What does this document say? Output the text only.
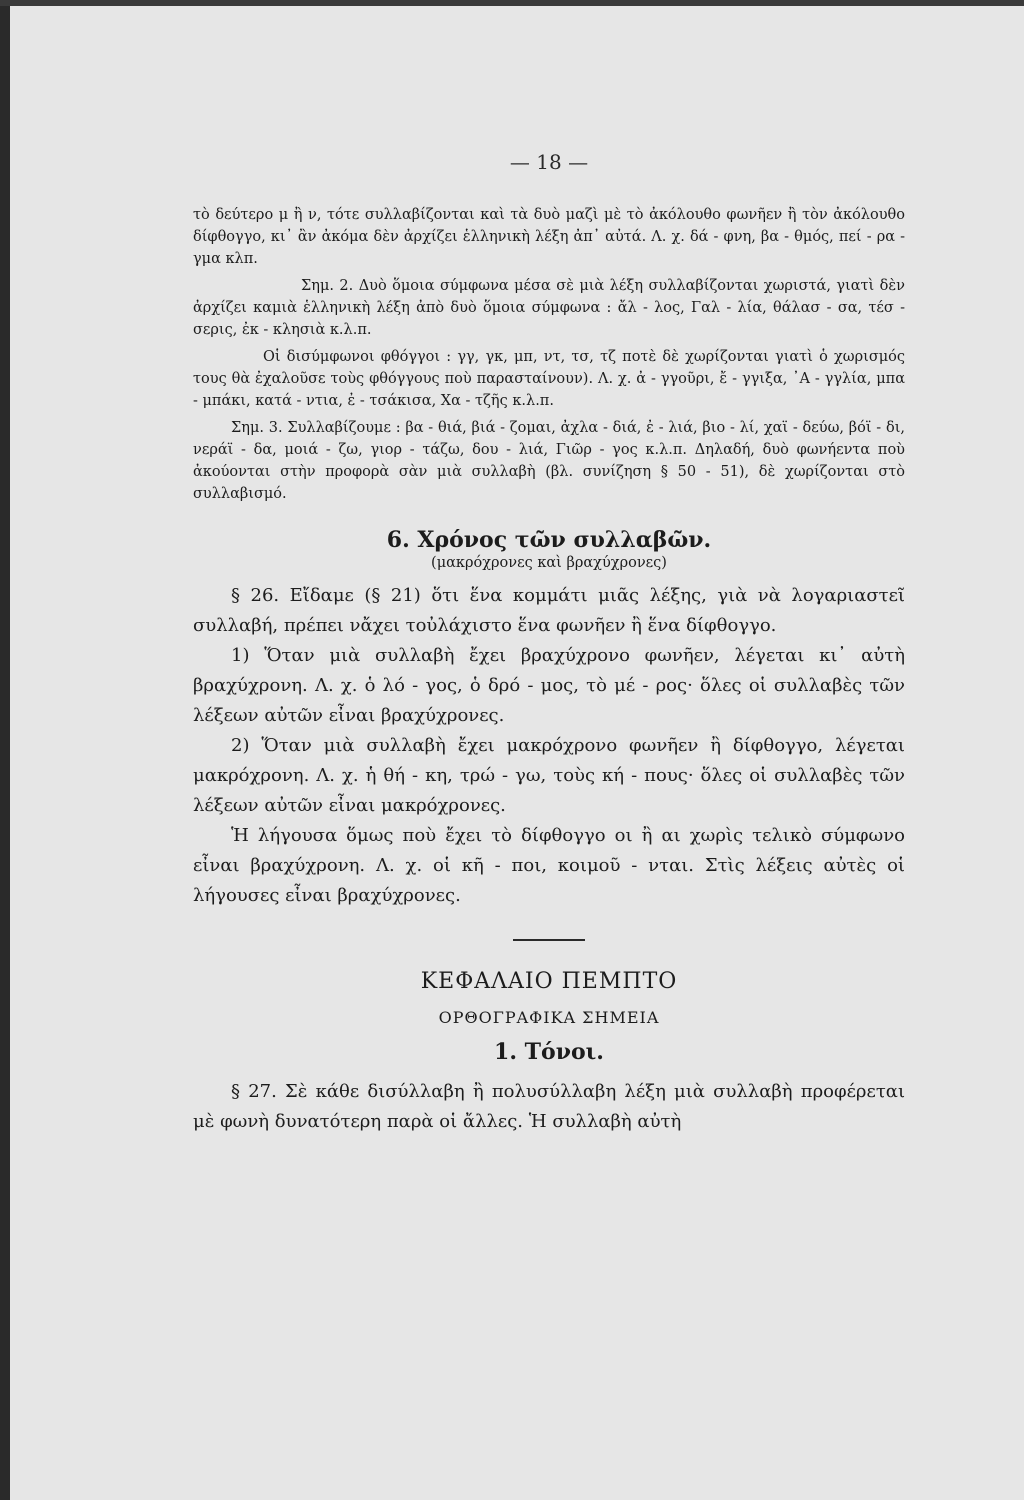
— 18 —

τὸ δεύτερο μ ἢ ν, τότε συλλαβίζονται καὶ τὰ δυὸ μαζὶ μὲ τὸ ἀκόλουθο φωνῆεν ἢ τὸν ἀκόλουθο δίφθογγο, κι᾿ ἂν ἀκόμα δὲν ἀρχίζει ἑλληνικὴ λέξη ἀπ᾿ αὐτά. Λ. χ. δά - φνη, βα - θμός, πεί - ρα - γμα κλπ.

Σημ. 2. Δυὸ ὅμοια σύμφωνα μέσα σὲ μιὰ λέξη συλλαβίζονται χωριστά, γιατὶ δὲν ἀρχίζει καμιὰ ἑλληνικὴ λέξη ἀπὸ δυὸ ὅμοια σύμφωνα : ἄλ - λος, Γαλ - λία, θάλασ - σα, τέσ - σερις, ἐκ - κλησιὰ κ.λ.π.

Οἱ δισύμφωνοι φθόγγοι : γγ, γκ, μπ, ντ, τσ, τζ ποτὲ δὲ χωρίζονται γιατὶ ὁ χωρισμός τους θὰ ἐχαλοῦσε τοὺς φθόγγους ποὺ παρασταίνουν). Λ. χ. ἀ - γγοῦρι, ἔ - γγιξα, ᾿Α - γγλία, μπα - μπάκι, κατά - ντια, ἐ - τσάκισα, Χα - τζῆς κ.λ.π.

Σημ. 3. Συλλαβίζουμε : βα - θιά, βιά - ζομαι, ἀχλα - διά, ἐ - λιά, βιο - λί, χαϊ - δεύω, βόϊ - δι, νεράϊ - δα, μοιά - ζω, γιορ - τάζω, δου - λιά, Γιῶρ - γος κ.λ.π. Δηλαδή, δυὸ φωνήεντα ποὺ ἀκούονται στὴν προφορὰ σὰν μιὰ συλλαβὴ (βλ. συνίζηση § 50 - 51), δὲ χωρίζονται στὸ συλλαβισμό.

6. Χρόνος τῶν συλλαβῶν.
(μακρόχρονες καὶ βραχύχρονες)

§ 26. Εἴδαμε (§ 21) ὅτι ἕνα κομμάτι μιᾶς λέξης, γιὰ νὰ λογαριαστεῖ συλλαβή, πρέπει νἄχει τοὐλάχιστο ἕνα φωνῆεν ἢ ἕνα δίφθογγο.

1) Ὅταν μιὰ συλλαβὴ ἔχει βραχύχρονο φωνῆεν, λέγεται κι᾿ αὐτὴ βραχύχρονη. Λ. χ. ὁ λό - γος, ὁ δρό - μος, τὸ μέ - ρος· ὅλες οἱ συλλαβὲς τῶν λέξεων αὐτῶν εἶναι βραχύχρονες.

2) Ὅταν μιὰ συλλαβὴ ἔχει μακρόχρονο φωνῆεν ἢ δίφθογγο, λέγεται μακρόχρονη. Λ. χ. ἡ θή - κη, τρώ - γω, τοὺς κή - πους· ὅλες οἱ συλλαβὲς τῶν λέξεων αὐτῶν εἶναι μακρόχρονες.

Ἡ λήγουσα ὅμως ποὺ ἔχει τὸ δίφθογγο οι ἢ αι χωρὶς τελικὸ σύμφωνο εἶναι βραχύχρονη. Λ. χ. οἱ κῆ - ποι, κοιμοῦ - νται. Στὶς λέξεις αὐτὲς οἱ λήγουσες εἶναι βραχύχρονες.

ΚΕΦΑΛΑΙΟ ΠΕΜΠΤΟ
ΟΡΘΟΓΡΑΦΙΚΑ ΣΗΜΕΙΑ
1. Τόνοι.

§ 27. Σὲ κάθε δισύλλαβη ἢ πολυσύλλαβη λέξη μιὰ συλλαβὴ προφέρεται μὲ φωνὴ δυνατότερη παρὰ οἱ ἄλλες. Ἡ συλλαβὴ αὐτὴ
